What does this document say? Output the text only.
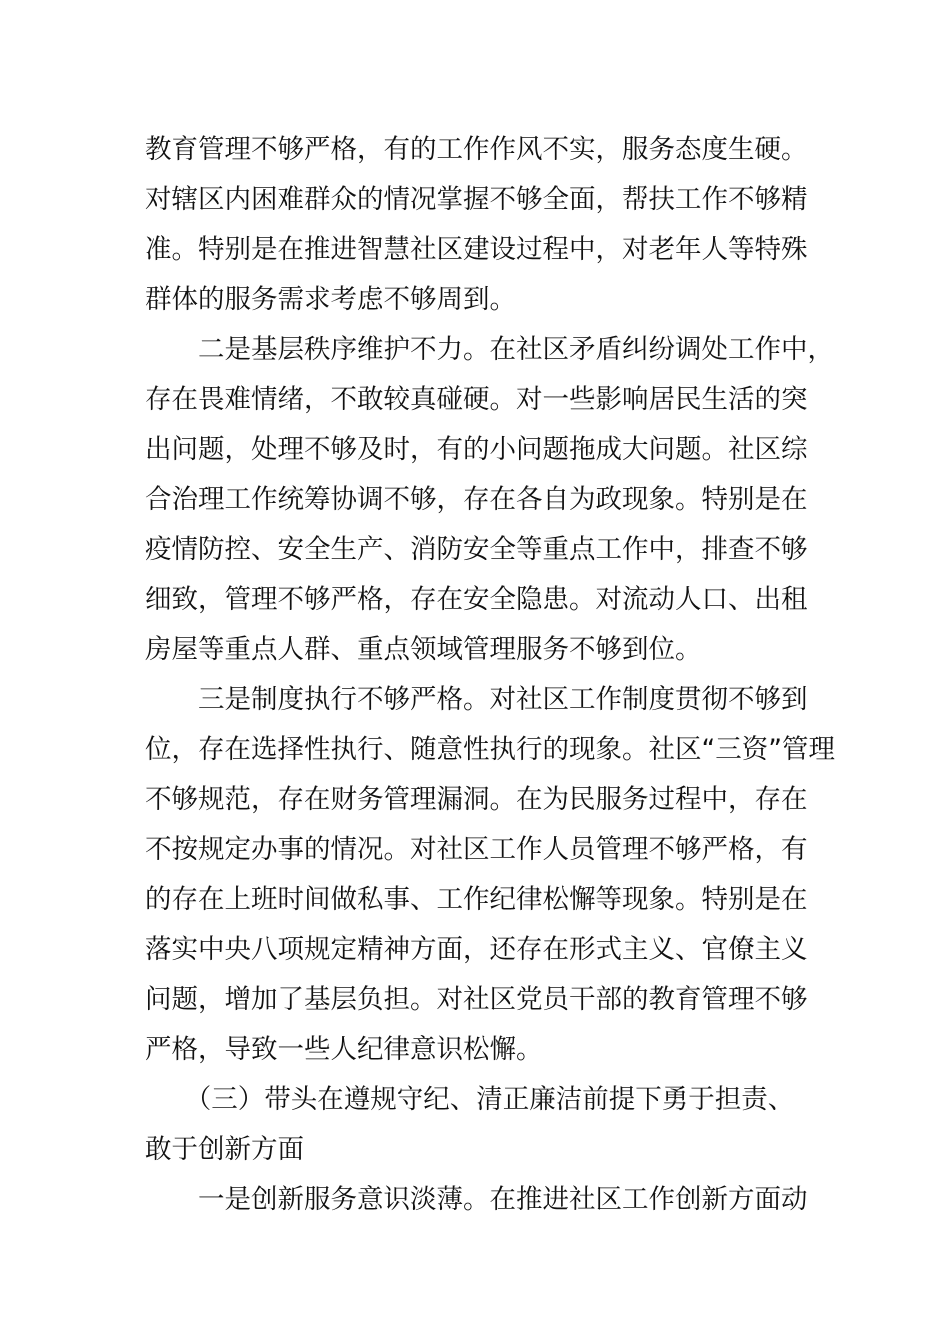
教育管理不够严格，有的工作作风不实，服务态度生硬。
对辖区内困难群众的情况掌握不够全面，帮扶工作不够精
准。特别是在推进智慧社区建设过程中，对老年人等特殊
群体的服务需求考虑不够周到。
　　二是基层秩序维护不力。在社区矛盾纠纷调处工作中，
存在畏难情绪，不敢较真碰硬。对一些影响居民生活的突
出问题，处理不够及时，有的小问题拖成大问题。社区综
合治理工作统筹协调不够，存在各自为政现象。特别是在
疫情防控、安全生产、消防安全等重点工作中，排查不够
细致，管理不够严格，存在安全隐患。对流动人口、出租
房屋等重点人群、重点领域管理服务不够到位。
　　三是制度执行不够严格。对社区工作制度贯彻不够到
位，存在选择性执行、随意性执行的现象。社区“三资”管理
不够规范，存在财务管理漏洞。在为民服务过程中，存在
不按规定办事的情况。对社区工作人员管理不够严格，有
的存在上班时间做私事、工作纪律松懈等现象。特别是在
落实中央八项规定精神方面，还存在形式主义、官僚主义
问题，增加了基层负担。对社区党员干部的教育管理不够
严格，导致一些人纪律意识松懈。
　　（三）带头在遵规守纪、清正廉洁前提下勇于担责、
敢于创新方面
　　一是创新服务意识淡薄。在推进社区工作创新方面动
